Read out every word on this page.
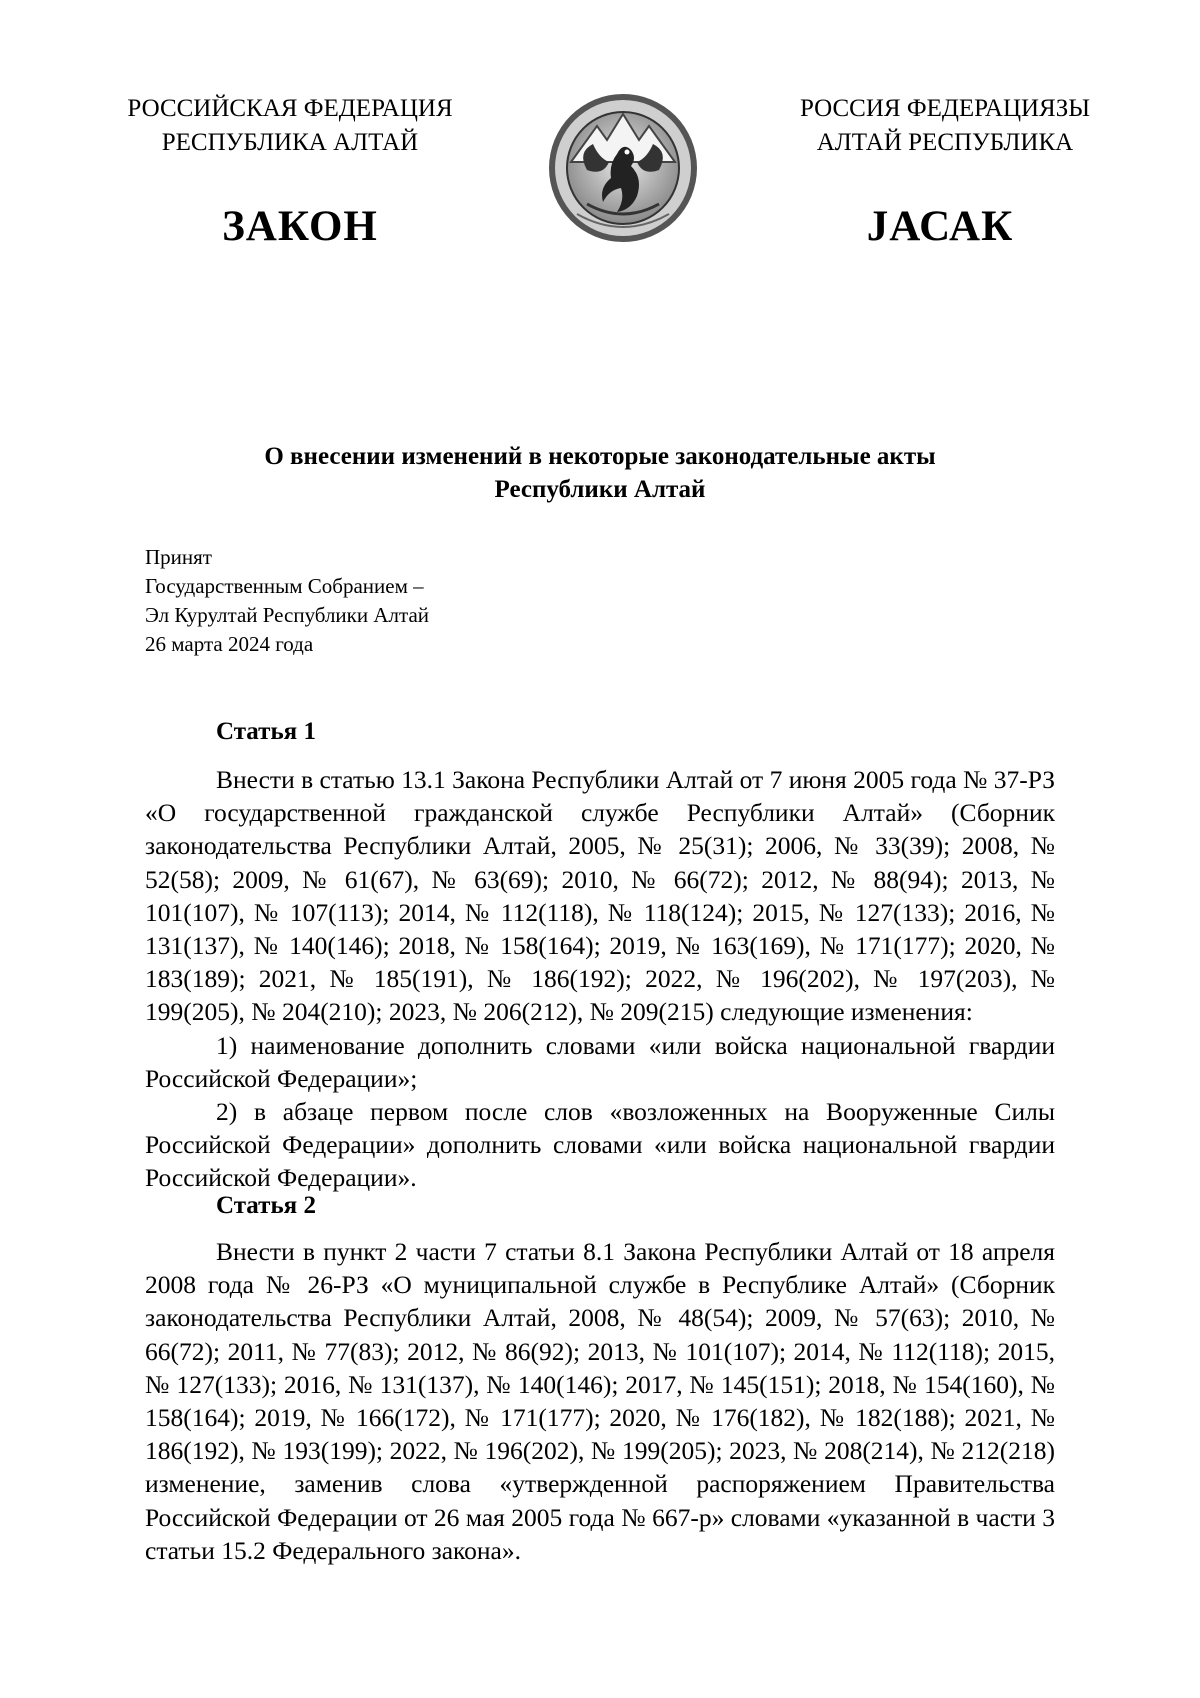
РОССИЙСКАЯ ФЕДЕРАЦИЯ
РЕСПУБЛИКА АЛТАЙ
ЗАКОН
РОССИЯ ФЕДЕРАЦИЯЗЫ
АЛТАЙ РЕСПУБЛИКА
JАСАК
О внесении изменений в некоторые законодательные акты
Республики Алтай
Принят
Государственным Собранием –
Эл Курултай Республики Алтай
26 марта 2024 года
Статья 1

Внести в статью 13.1 Закона Республики Алтай от 7 июня 2005 года № 37-РЗ «О государственной гражданской службе Республики Алтай» (Сборник законодательства Республики Алтай, 2005, № 25(31); 2006, № 33(39); 2008, № 52(58); 2009, № 61(67), № 63(69); 2010, № 66(72); 2012, № 88(94); 2013, № 101(107), № 107(113); 2014, № 112(118), № 118(124); 2015, № 127(133); 2016, № 131(137), № 140(146); 2018, № 158(164); 2019, № 163(169), № 171(177); 2020, № 183(189); 2021, № 185(191), № 186(192); 2022, № 196(202), № 197(203), № 199(205), № 204(210); 2023, № 206(212), № 209(215) следующие изменения:

1) наименование дополнить словами «или войска национальной гвардии Российской Федерации»;

2) в абзаце первом после слов «возложенных на Вооруженные Силы Российской Федерации» дополнить словами «или войска национальной гвардии Российской Федерации».

Статья 2

Внести в пункт 2 части 7 статьи 8.1 Закона Республики Алтай от 18 апреля 2008 года № 26-РЗ «О муниципальной службе в Республике Алтай» (Сборник законодательства Республики Алтай, 2008, № 48(54); 2009, № 57(63); 2010, № 66(72); 2011, № 77(83); 2012, № 86(92); 2013, № 101(107); 2014, № 112(118); 2015, № 127(133); 2016, № 131(137), № 140(146); 2017, № 145(151); 2018, № 154(160), № 158(164); 2019, № 166(172), № 171(177); 2020, № 176(182), № 182(188); 2021, № 186(192), № 193(199); 2022, № 196(202), № 199(205); 2023, № 208(214), № 212(218) изменение, заменив слова «утвержденной распоряжением Правительства Российской Федерации от 26 мая 2005 года № 667-р» словами «указанной в части 3 статьи 15.2 Федерального закона».
